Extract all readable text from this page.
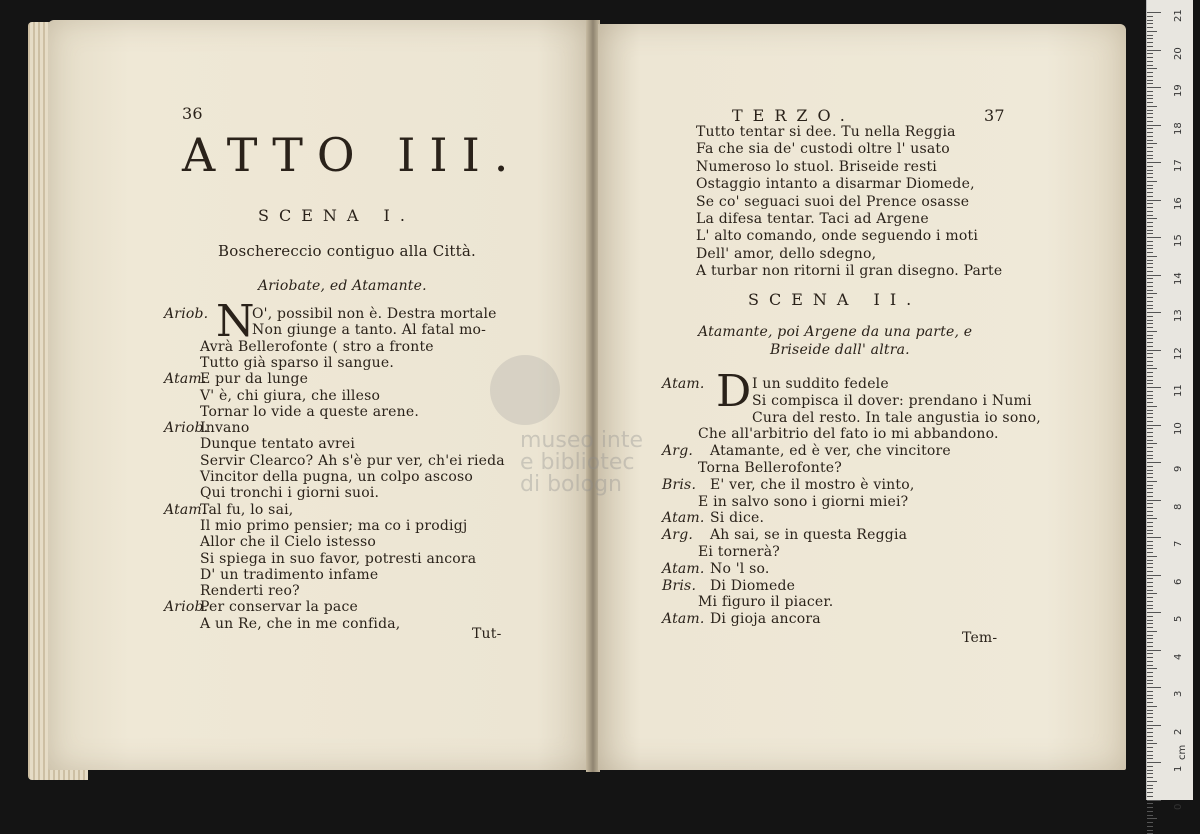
36
ATTO III.
SCENA I.
Boschereccio contiguo alla Città.
Ariobate, ed Atamante.
Ariob. N
O', possibil non è. Destra mortale
Non giunge a tanto. Al fatal mo-
Avrà Bellerofonte ( stro a fronte
Tutto già sparso il sangue.
Atam.
E pur da lunge
V' è, chi giura, che illeso
Tornar lo vide a queste arene.
Ariob.
Invano
Dunque tentato avrei
Servir Clearco? Ah s'è pur ver, ch'ei rieda
Vincitor della pugna, un colpo ascoso
Qui tronchi i giorni suoi.
Atam.
Tal fu, lo sai,
Il mio primo pensier; ma co i prodigj
Allor che il Cielo istesso
Si spiega in suo favor, potresti ancora
D' un tradimento infame
Renderti reo?
Ariob.
Per conservar la pace
A un Re, che in me confida,
Tut-
TERZO.	37
Tutto tentar si dee. Tu nella Reggia
Fa che sia de' custodi oltre l' usato
Numeroso lo stuol. Briseide resti
Ostaggio intanto a disarmar Diomede,
Se co' seguaci suoi del Prence osasse
La difesa tentar. Taci ad Argene
L' alto comando, onde seguendo i moti
Dell' amor, dello sdegno,
A turbar non ritorni il gran disegno. Parte
SCENA II.
Atamante, poi Argene da una parte, e
Briseide dall' altra.
Atam. D I un suddito fedele
Si compisca il dover: prendano i Numi
Cura del resto. In tale angustia io sono,
Che all'arbitrio del fato io mi abbandono.
Arg. Atamante, ed è ver, che vincitore
Torna Bellerofonte?
Bris. E' ver, che il mostro è vinto,
E in salvo sono i giorni miei?
Atam. Si dice.
Arg. Ah sai, se in questa Reggia
Ei tornerà?
Atam. No 'l so.
Bris. Di Diomede
Mi figuro il piacer.
Atam. Di gioja ancora
Tem-
museo inte
e bibliotec
di bologn
21
20
19
18
17
16
15
14
13
12
11
10
9
8
7
6
5
4
3
2
1
0
cm
